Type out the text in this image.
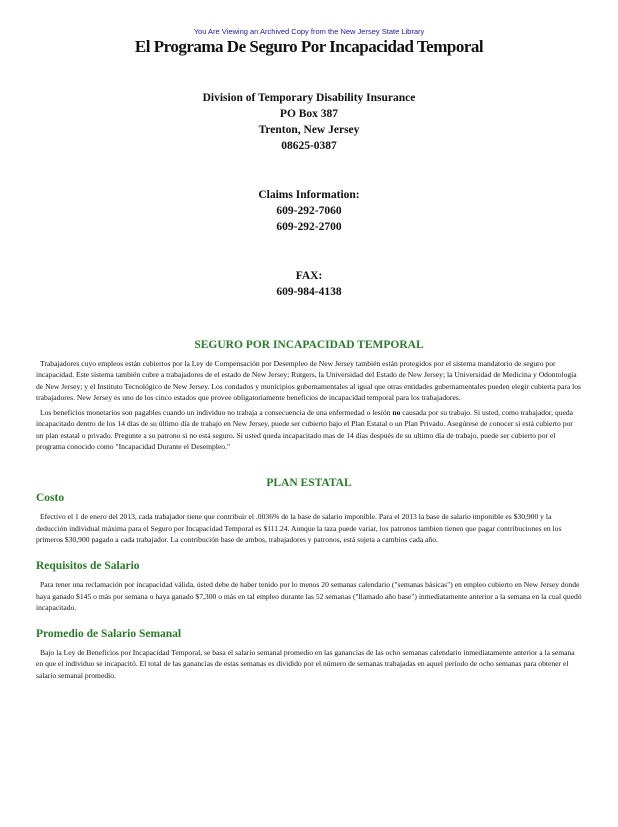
You Are Viewing an Archived Copy from the New Jersey State Library
El Programa De Seguro Por Incapacidad Temporal
Division of Temporary Disability Insurance
PO Box 387
Trenton, New Jersey
08625-0387
Claims Information:
609-292-7060
609-292-2700
FAX:
609-984-4138
SEGURO POR INCAPACIDAD TEMPORAL

Trabajadores cuyo empleos están cubiertos por la Ley de Compensación por Desempleo de New Jersey también están protegidos por el sistema mandatorio de seguro por incapacidad. Este sistema también cubre a trabajadores de el estado de New Jersey; Rutgers, la Universidad del Estado de New Jersey; la Universidad de Medicina y Odontología de New Jersey; y el Instituto Tecnológico de New Jersey. Los condados y municipios gubernamentales al igual que otras entidades gubernamentales pueden elegir cubierta para los trabajadores. New Jersey es uno de los cinco estados que provee obligatoriamente beneficios de incapacidad temporal para los trabajadores.

Los beneficios monetarios son pagables cuando un individuo no trabaja a consecuencia de una enfermedad o lesión no causada por su trabajo. Si usted, como trabajador, queda incapacitado dentro de los 14 días de su último día de trabajo en New Jersey, puede ser cubierto bajo el Plan Estatal o un Plan Privado. Asegúrese de conocer si está cubierto por un plan estatal o privado. Pregunte a su patrono si no está seguro. Si usted queda incapacitado mas de 14 días después de su ultimo día de trabajo, puede ser cubierto por el programa conocido como "Incapacidad Durante el Desempleo."

PLAN ESTATAL
Costo

Efectivo el 1 de enero del 2013, cada trabajador tiene que contribuir el .0036% de la base de salario imponible. Para el 2013 la base de salario imponible es $30,900 y la deducción individual máxima para el Seguro por Incapacidad Temporal es $111.24. Aunque la taza puede variar, los patronos tambien tienen que pagar contribuciones en los primeros $30,900 pagado a cada trabajador. La contribución base de ambos, trabajadores y patronos, está sujeta a cambios cada año.

Requisitos de Salario

Para tener una reclamación por incapacidad válida, ústed debe de haber tenido por lo menos 20 semanas calendario ("semanas básicas") en empleo cubierto en New Jersey donde haya ganado $145 o más por semana o haya ganado $7,300 o más en tal empleo durante las 52 semanas ("llamado año base") inmediatamente anterior a la semana en la cual quedó incapacitado.

Promedio de Salario Semanal

Bajo la Ley de Beneficios por Incapacidad Temporal, se basa el salario semanal promedio en las ganancias de las ocho semanas calendario inmediatamente anterior a la semana en que el individuo se incapacitó. El total de las ganancias de estas semanas es dividido por el número de semanas trabajadas en aquel período de ocho semanas para obtener el salario semanal promedio.
